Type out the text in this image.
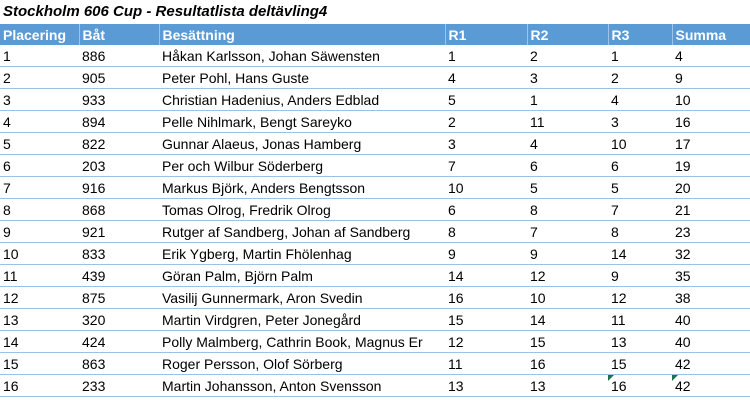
Stockholm 606 Cup - Resultatlista deltävling4
Placering	Båt	Besättning	R1	R2	R3	Summa
1	886	Håkan Karlsson, Johan Säwensten	1	2	1	4
2	905	Peter Pohl, Hans Guste	4	3	2	9
3	933	Christian Hadenius, Anders Edblad	5	1	4	10
4	894	Pelle Nihlmark, Bengt Sareyko	2	11	3	16
5	822	Gunnar Alaeus, Jonas Hamberg	3	4	10	17
6	203	Per och Wilbur Söderberg	7	6	6	19
7	916	Markus Björk, Anders Bengtsson	10	5	5	20
8	868	Tomas Olrog, Fredrik Olrog	6	8	7	21
9	921	Rutger af Sandberg, Johan af Sandberg	8	7	8	23
10	833	Erik Ygberg, Martin Fhölenhag	9	9	14	32
11	439	Göran Palm, Björn Palm	14	12	9	35
12	875	Vasilij Gunnermark, Aron Svedin	16	10	12	38
13	320	Martin Virdgren, Peter Jonegård	15	14	11	40
14	424	Polly Malmberg, Cathrin Book, Magnus Er	12	15	13	40
15	863	Roger Persson, Olof Sörberg	11	16	15	42
16	233	Martin Johansson, Anton Svensson	13	13	16	42
